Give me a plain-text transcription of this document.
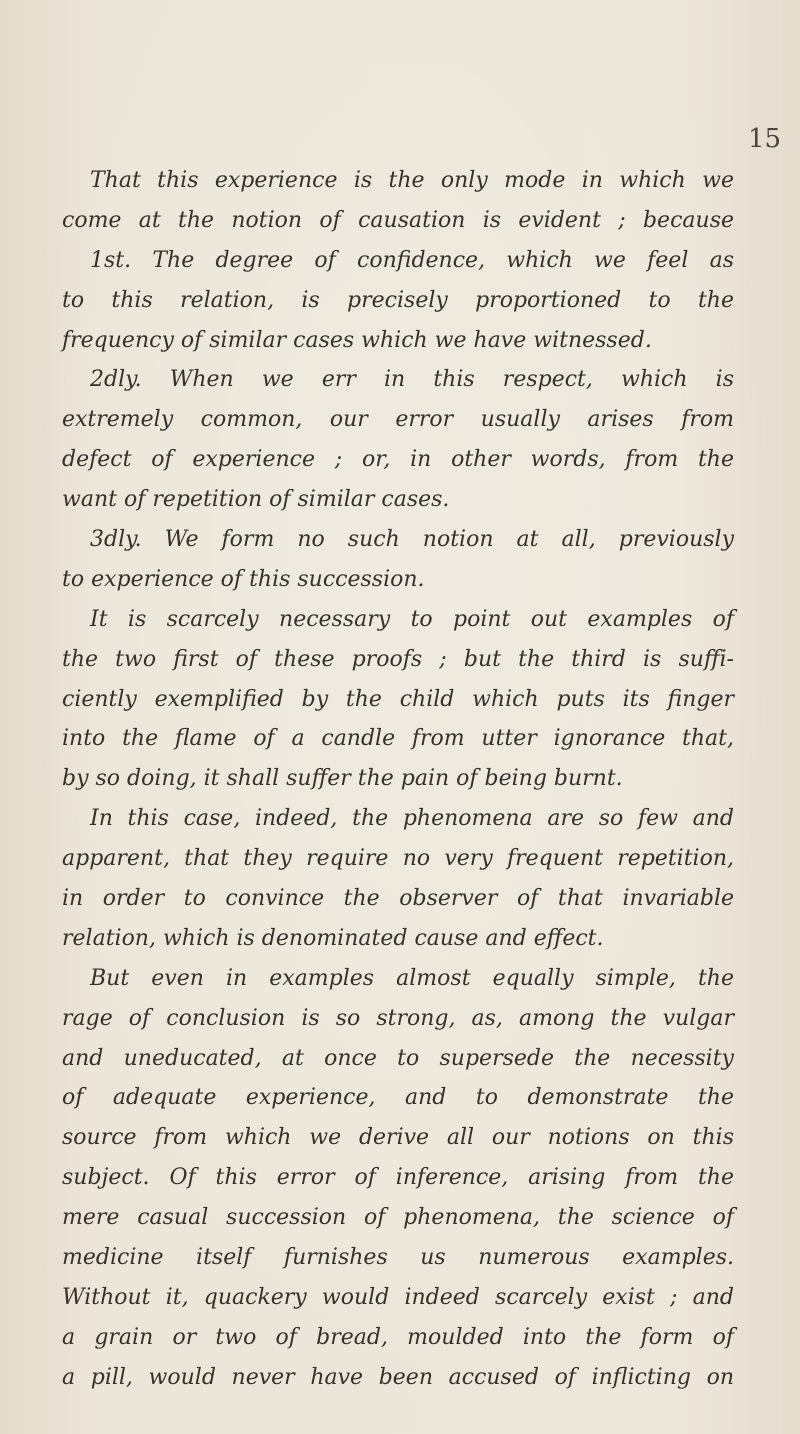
15
That this experience is the only mode in which we
come at the notion of causation is evident ; because
1st. The degree of confidence, which we feel as
to this relation, is precisely proportioned to the
frequency of similar cases which we have witnessed.
2dly. When we err in this respect, which is
extremely common, our error usually arises from
defect of experience ; or, in other words, from the
want of repetition of similar cases.
3dly. We form no such notion at all, previously
to experience of this succession.
It is scarcely necessary to point out examples of
the two first of these proofs ; but the third is suffi-
ciently exemplified by the child which puts its finger
into the flame of a candle from utter ignorance that,
by so doing, it shall suffer the pain of being burnt.
In this case, indeed, the phenomena are so few and
apparent, that they require no very frequent repetition,
in order to convince the observer of that invariable
relation, which is denominated cause and effect.
But even in examples almost equally simple, the
rage of conclusion is so strong, as, among the vulgar
and uneducated, at once to supersede the necessity
of adequate experience, and to demonstrate the
source from which we derive all our notions on this
subject. Of this error of inference, arising from the
mere casual succession of phenomena, the science of
medicine itself furnishes us numerous examples.
Without it, quackery would indeed scarcely exist ; and
a grain or two of bread, moulded into the form of
a pill, would never have been accused of inflicting on
